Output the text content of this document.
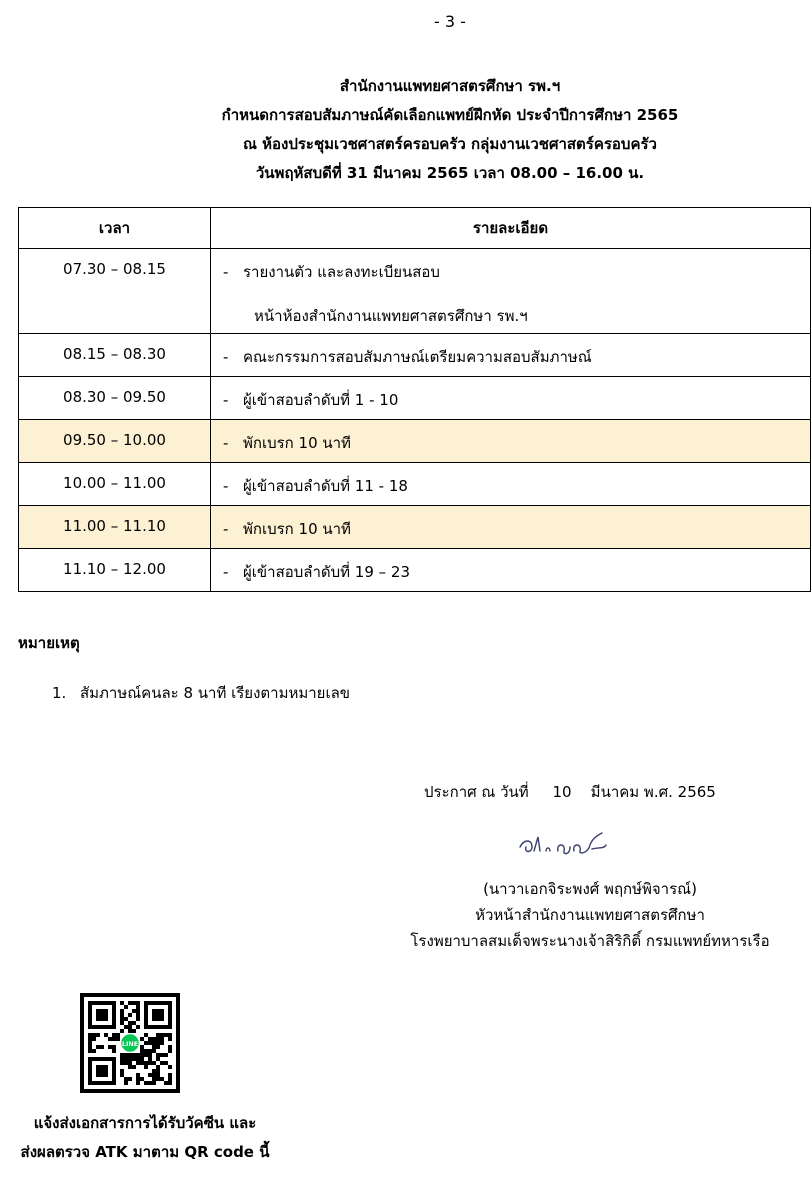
- 3 -
สำนักงานแพทยศาสตรศึกษา รพ.ฯ
กำหนดการสอบสัมภาษณ์คัดเลือกแพทย์ฝึกหัด ประจำปีการศึกษา 2565
ณ ห้องประชุมเวชศาสตร์ครอบครัว กลุ่มงานเวชศาสตร์ครอบครัว
วันพฤหัสบดีที่ 31 มีนาคม 2565 เวลา 08.00 – 16.00 น.
เวลา	รายละเอียด
07.30 – 08.15	- รายงานตัว และลงทะเบียนสอบ
หน้าห้องสำนักงานแพทยศาสตรศึกษา รพ.ฯ

08.15 – 08.30	- คณะกรรมการสอบสัมภาษณ์เตรียมความสอบสัมภาษณ์

08.30 – 09.50	- ผู้เข้าสอบลำดับที่ 1 - 10

09.50 – 10.00	- พักเบรก 10 นาที

10.00 – 11.00	- ผู้เข้าสอบลำดับที่ 11 - 18

11.00 – 11.10	- พักเบรก 10 นาที

11.10 – 12.00	- ผู้เข้าสอบลำดับที่ 19 – 23
หมายเหตุ
1. สัมภาษณ์คนละ 8 นาที เรียงตามหมายเลข
ประกาศ ณ วันที่     10    มีนาคม พ.ศ. 2565
(นาวาเอกจิระพงศ์ พฤกษ์พิจารณ์)
หัวหน้าสำนักงานแพทยศาสตรศึกษา
โรงพยาบาลสมเด็จพระนางเจ้าสิริกิติ์ กรมแพทย์ทหารเรือ
LINE
แจ้งส่งเอกสารการได้รับวัคซีน และ
ส่งผลตรวจ ATK มาตาม QR code นี้
